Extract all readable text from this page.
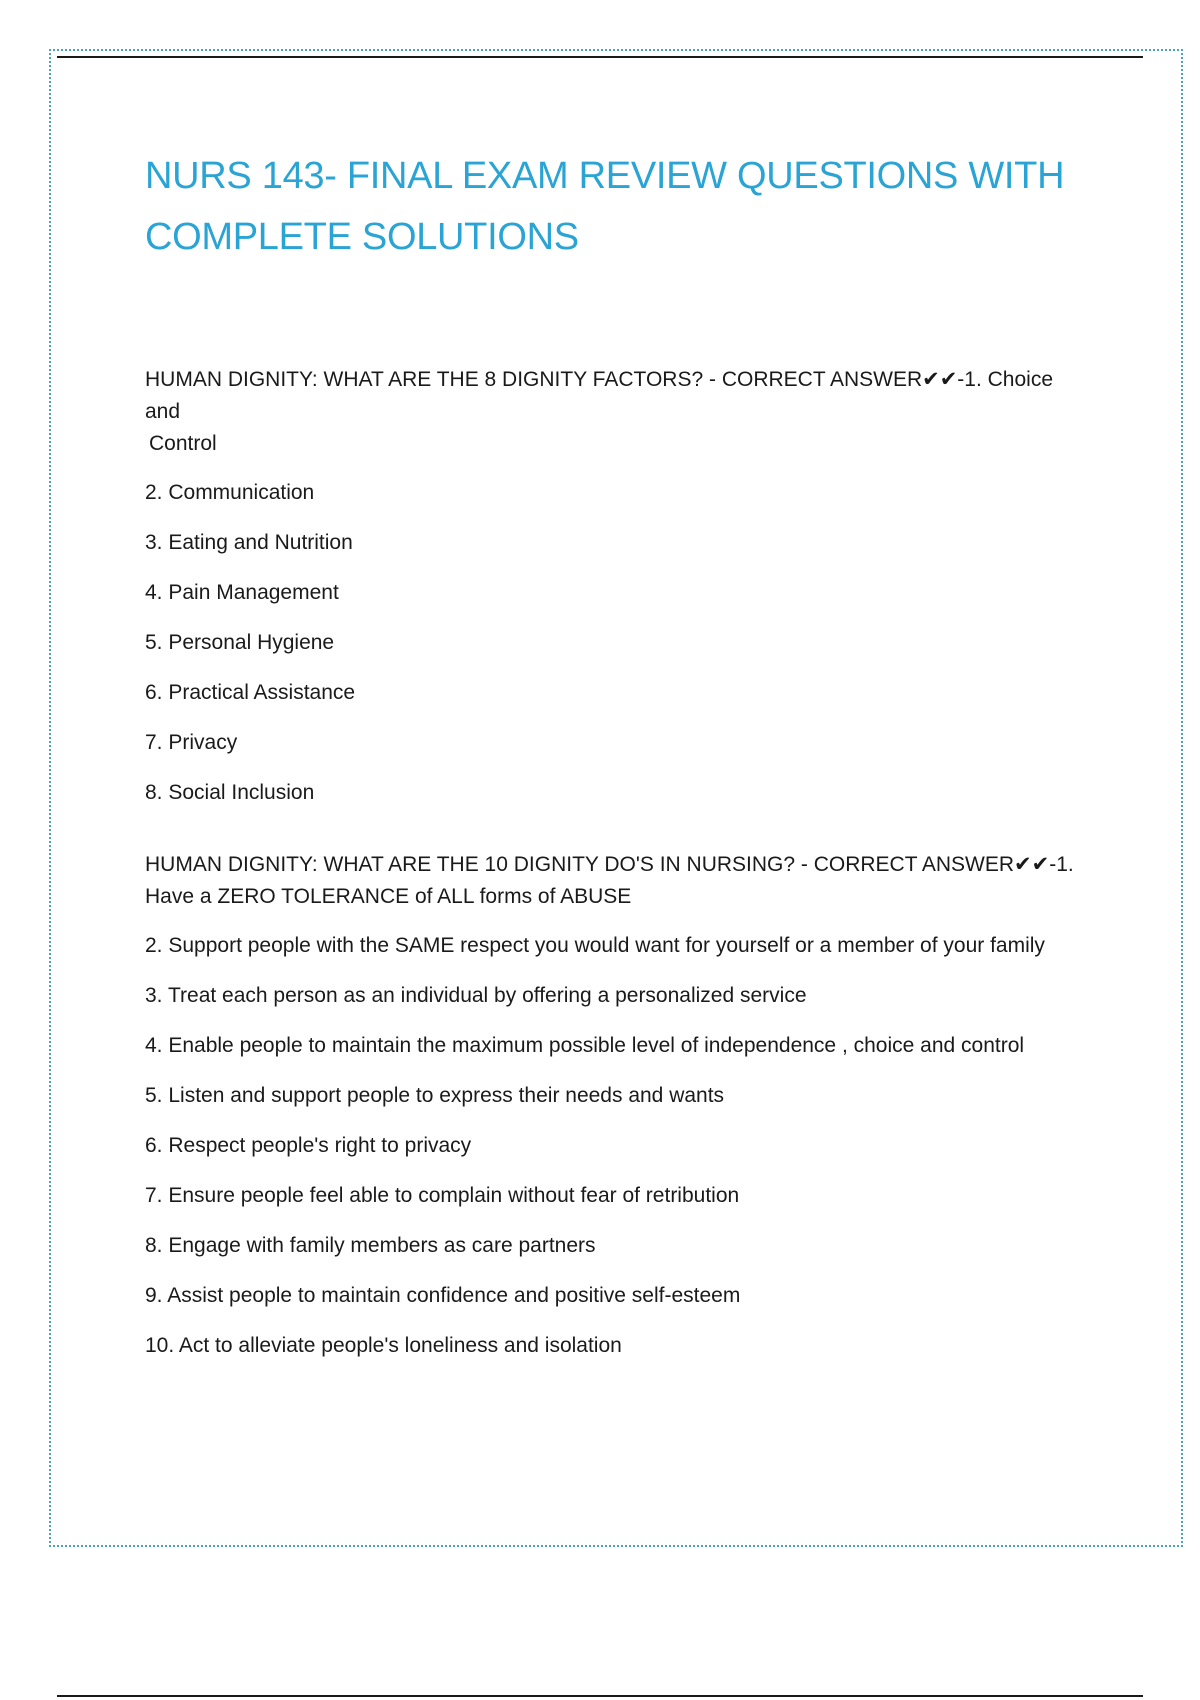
NURS 143- FINAL EXAM REVIEW QUESTIONS WITH
COMPLETE SOLUTIONS

HUMAN DIGNITY: WHAT ARE THE 8 DIGNITY FACTORS? - CORRECT ANSWER✔✔-1. Choice and

Control

2. Communication

3. Eating and Nutrition

4. Pain Management

5. Personal Hygiene

6. Practical Assistance

7. Privacy

8. Social Inclusion

HUMAN DIGNITY: WHAT ARE THE 10 DIGNITY DO'S IN NURSING? - CORRECT ANSWER✔✔-1.

Have a ZERO TOLERANCE of ALL forms of ABUSE

2. Support people with the SAME respect you would want for yourself or a member of your family

3. Treat each person as an individual by offering a personalized service

4. Enable people to maintain the maximum possible level of independence , choice and control

5. Listen and support people to express their needs and wants

6. Respect people's right to privacy

7. Ensure people feel able to complain without fear of retribution

8. Engage with family members as care partners

9. Assist people to maintain confidence and positive self-esteem

10. Act to alleviate people's loneliness and isolation
